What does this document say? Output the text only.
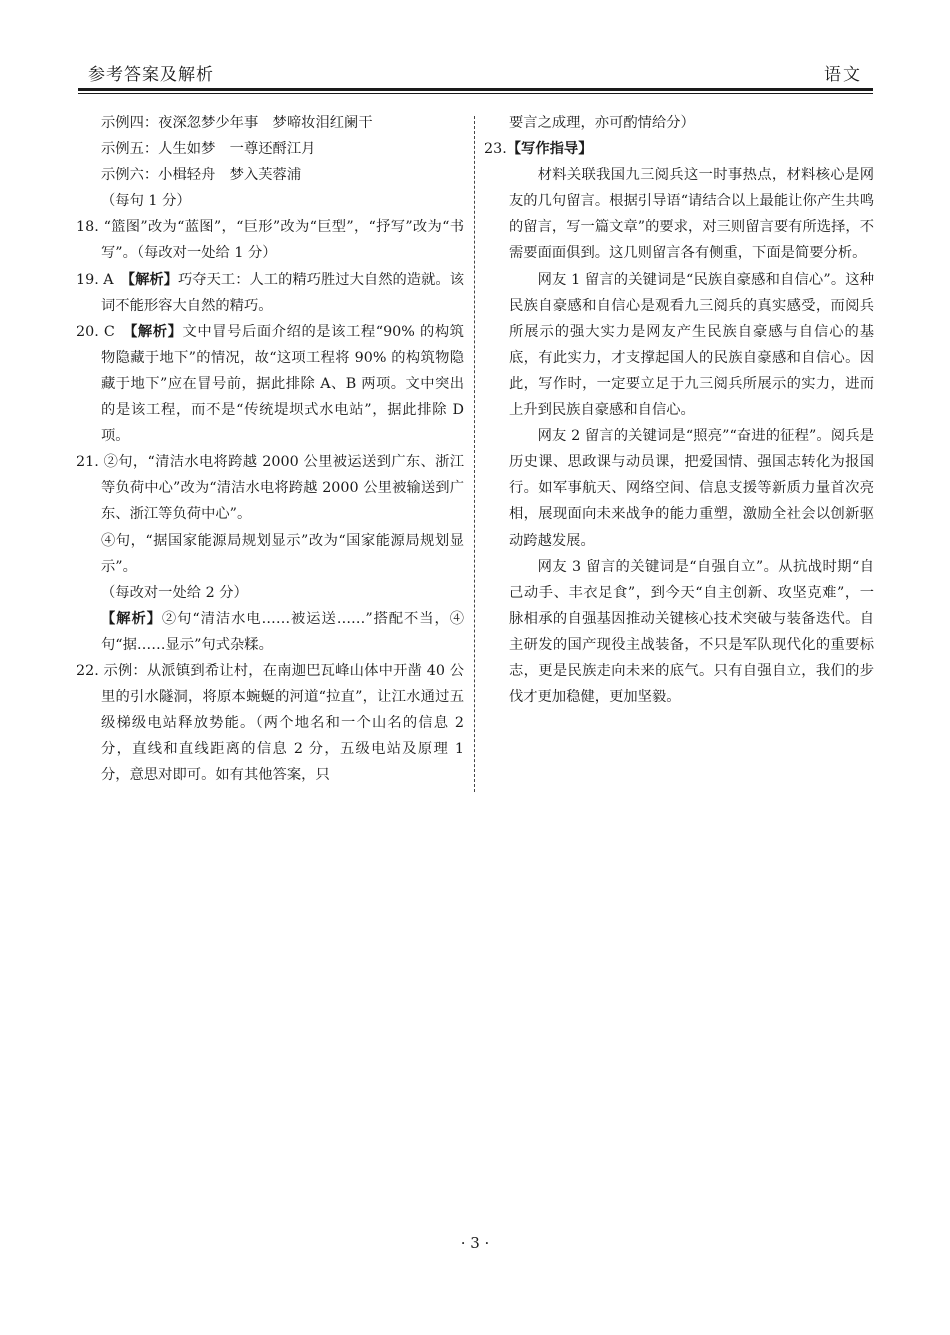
参考答案及解析	语文

示例四：夜深忽梦少年事　梦啼妆泪红阑干

示例五：人生如梦　一尊还酹江月

示例六：小楫轻舟　梦入芙蓉浦

（每句 1 分）

18. “篮图”改为“蓝图”，“巨形”改为“巨型”，“抒写”改为“书写”。（每改对一处给 1 分）

19. A　【解析】巧夺天工：人工的精巧胜过大自然的造就。该词不能形容大自然的精巧。

20. C　【解析】文中冒号后面介绍的是该工程“90% 的构筑物隐藏于地下”的情况，故“这项工程将 90% 的构筑物隐藏于地下”应在冒号前，据此排除 A、B 两项。文中突出的是该工程，而不是“传统堤坝式水电站”，据此排除 D 项。

21. ②句，“清洁水电将跨越 2000 公里被运送到广东、浙江等负荷中心”改为“清洁水电将跨越 2000 公里被输送到广东、浙江等负荷中心”。

④句，“据国家能源局规划显示”改为“国家能源局规划显示”。

（每改对一处给 2 分）

【解析】②句“清洁水电……被运送……”搭配不当，④句“据……显示”句式杂糅。

22. 示例：从派镇到希让村，在南迦巴瓦峰山体中开凿 40 公里的引水隧洞，将原本蜿蜒的河道“拉直”，让江水通过五级梯级电站释放势能。（两个地名和一个山名的信息 2 分，直线和直线距离的信息 2 分，五级电站及原理 1 分，意思对即可。如有其他答案，只

要言之成理，亦可酌情给分）

23.【写作指导】

材料关联我国九三阅兵这一时事热点，材料核心是网友的几句留言。根据引导语“请结合以上最能让你产生共鸣的留言，写一篇文章”的要求，对三则留言要有所选择，不需要面面俱到。这几则留言各有侧重，下面是简要分析。

网友 1 留言的关键词是“民族自豪感和自信心”。这种民族自豪感和自信心是观看九三阅兵的真实感受，而阅兵所展示的强大实力是网友产生民族自豪感与自信心的基底，有此实力，才支撑起国人的民族自豪感和自信心。因此，写作时，一定要立足于九三阅兵所展示的实力，进而上升到民族自豪感和自信心。

网友 2 留言的关键词是“照亮”“奋进的征程”。阅兵是历史课、思政课与动员课，把爱国情、强国志转化为报国行。如军事航天、网络空间、信息支援等新质力量首次亮相，展现面向未来战争的能力重塑，激励全社会以创新驱动跨越发展。

网友 3 留言的关键词是“自强自立”。从抗战时期“自己动手、丰衣足食”，到今天“自主创新、攻坚克难”，一脉相承的自强基因推动关键核心技术突破与装备迭代。自主研发的国产现役主战装备，不只是军队现代化的重要标志，更是民族走向未来的底气。只有自强自立，我们的步伐才更加稳健，更加坚毅。

· 3 ·
